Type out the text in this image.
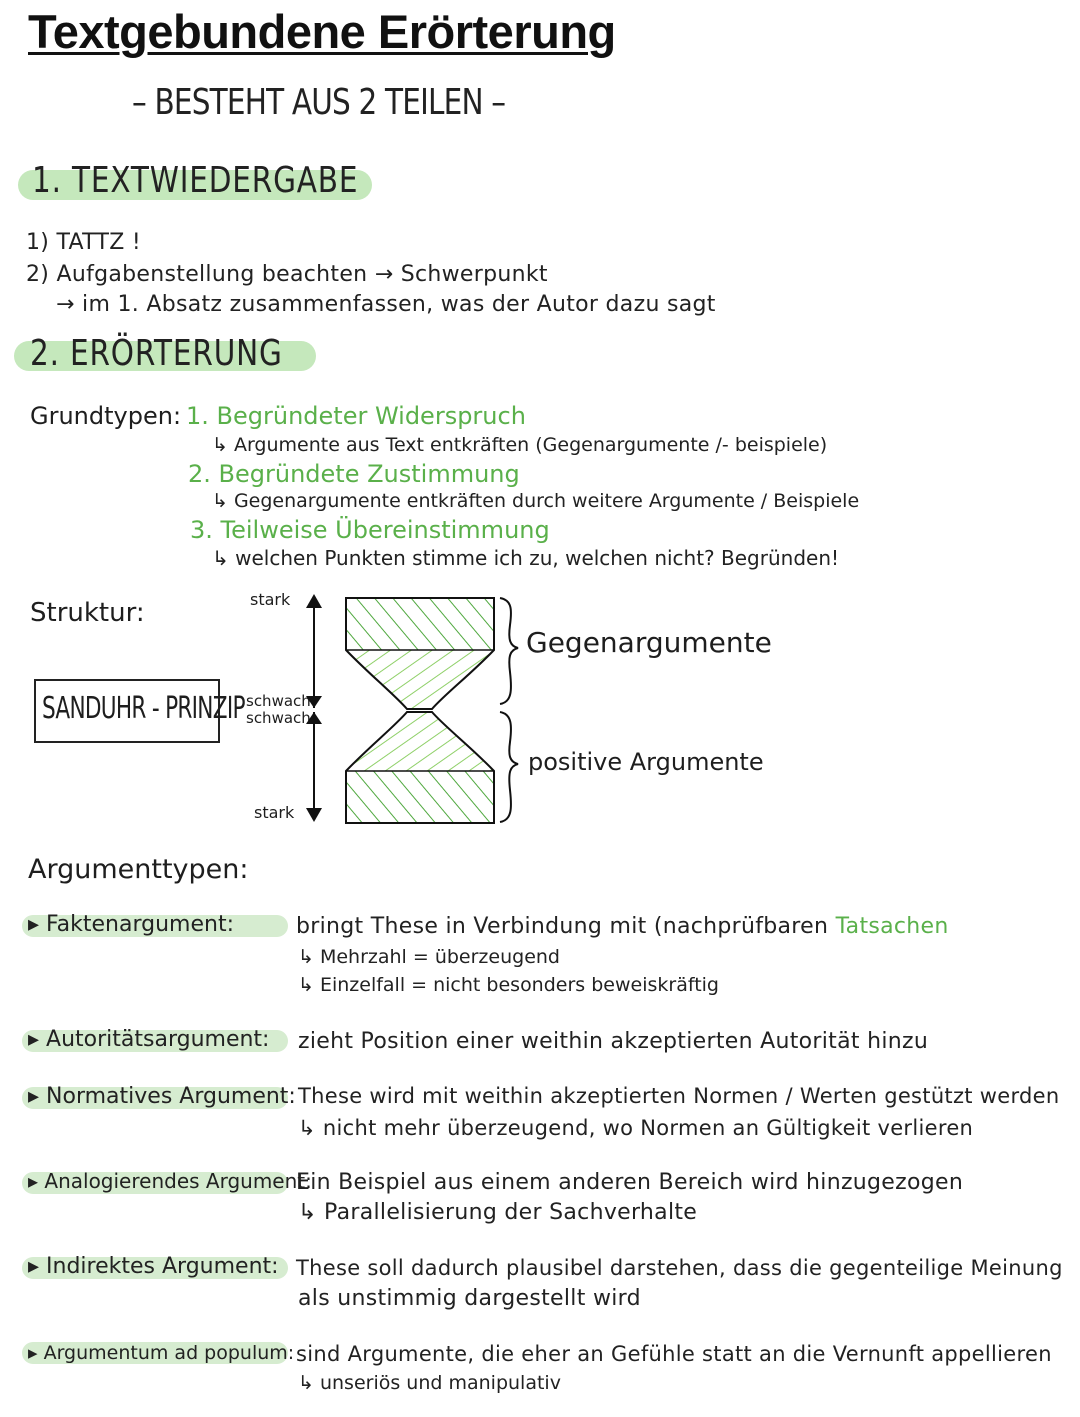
Textgebundene Erörterung
– BESTEHT AUS 2 TEILEN –
1. TEXTWIEDERGABE
1) TATTZ !
2) Aufgabenstellung beachten → Schwerpunkt
→ im 1. Absatz zusammenfassen, was der Autor dazu sagt
2. ERÖRTERUNG
Grundtypen: 1. Begründeter Widerspruch
↳ Argumente aus Text entkräften (Gegenargumente /- beispiele)
2. Begründete Zustimmung
↳ Gegenargumente entkräften durch weitere Argumente / Beispiele
3. Teilweise Übereinstimmung
↳ welchen Punkten stimme ich zu, welchen nicht? Begründen!
Struktur:
SANDUHR - PRINZIP
stark
schwach
schwach
stark
Gegenargumente
positive Argumente
Argumenttypen:
▸ Faktenargument:	bringt These in Verbindung mit (nachprüfbaren Tatsachen
↳ Mehrzahl = überzeugend
↳ Einzelfall = nicht besonders beweiskräftig
▸ Autoritätsargument: zieht Position einer weithin akzeptierten Autorität hinzu
▸ Normatives Argument: These wird mit weithin akzeptierten Normen / Werten gestützt werden
↳ nicht mehr überzeugend, wo Normen an Gültigkeit verlieren
▸ Analogierendes Argument:
Ein Beispiel aus einem anderen Bereich wird hinzugezogen
↳ Parallelisierung der Sachverhalte
▸ Indirektes Argument: These soll dadurch plausibel darstehen, dass die gegenteilige Meinung
als unstimmig dargestellt wird
▸ Argumentum ad populum: sind Argumente, die eher an Gefühle statt an die Vernunft appellieren
↳ unseriös und manipulativ
